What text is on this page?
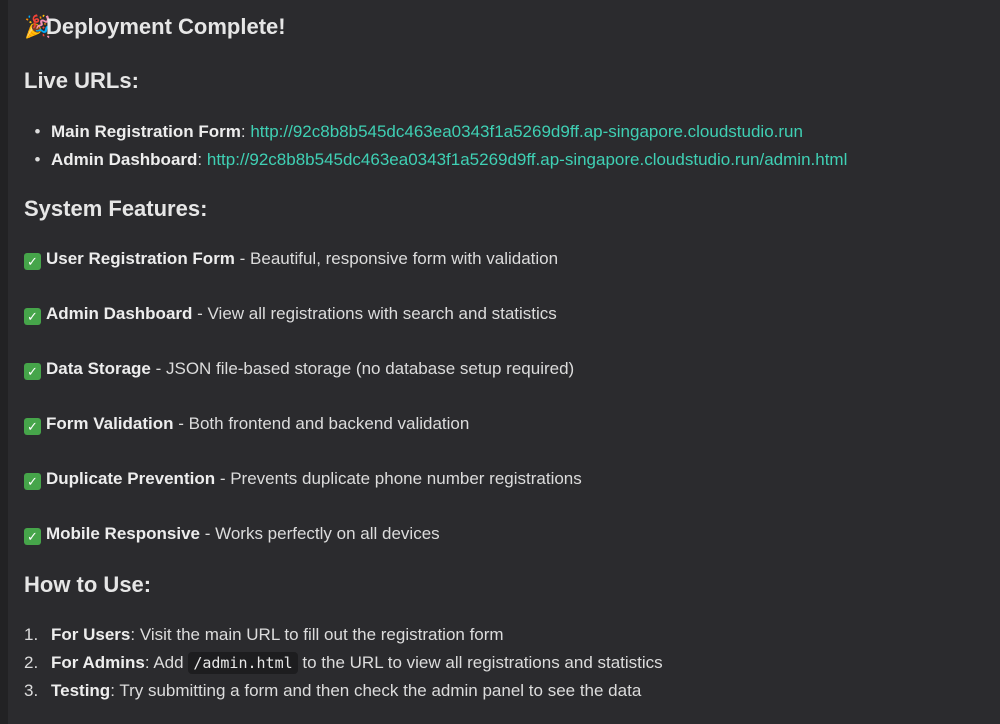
🎉Deployment Complete!
Live URLs:
• Main Registration Form: http://92c8b8b545dc463ea0343f1a5269d9ff.ap-singapore.cloudstudio.run
• Admin Dashboard: http://92c8b8b545dc463ea0343f1a5269d9ff.ap-singapore.cloudstudio.run/admin.html
System Features:
✓ User Registration Form - Beautiful, responsive form with validation
✓ Admin Dashboard - View all registrations with search and statistics
✓ Data Storage - JSON file-based storage (no database setup required)
✓ Form Validation - Both frontend and backend validation
✓ Duplicate Prevention - Prevents duplicate phone number registrations
✓ Mobile Responsive - Works perfectly on all devices
How to Use:
1. For Users: Visit the main URL to fill out the registration form
2. For Admins: Add /admin.html to the URL to view all registrations and statistics
3. Testing: Try submitting a form and then check the admin panel to see the data
